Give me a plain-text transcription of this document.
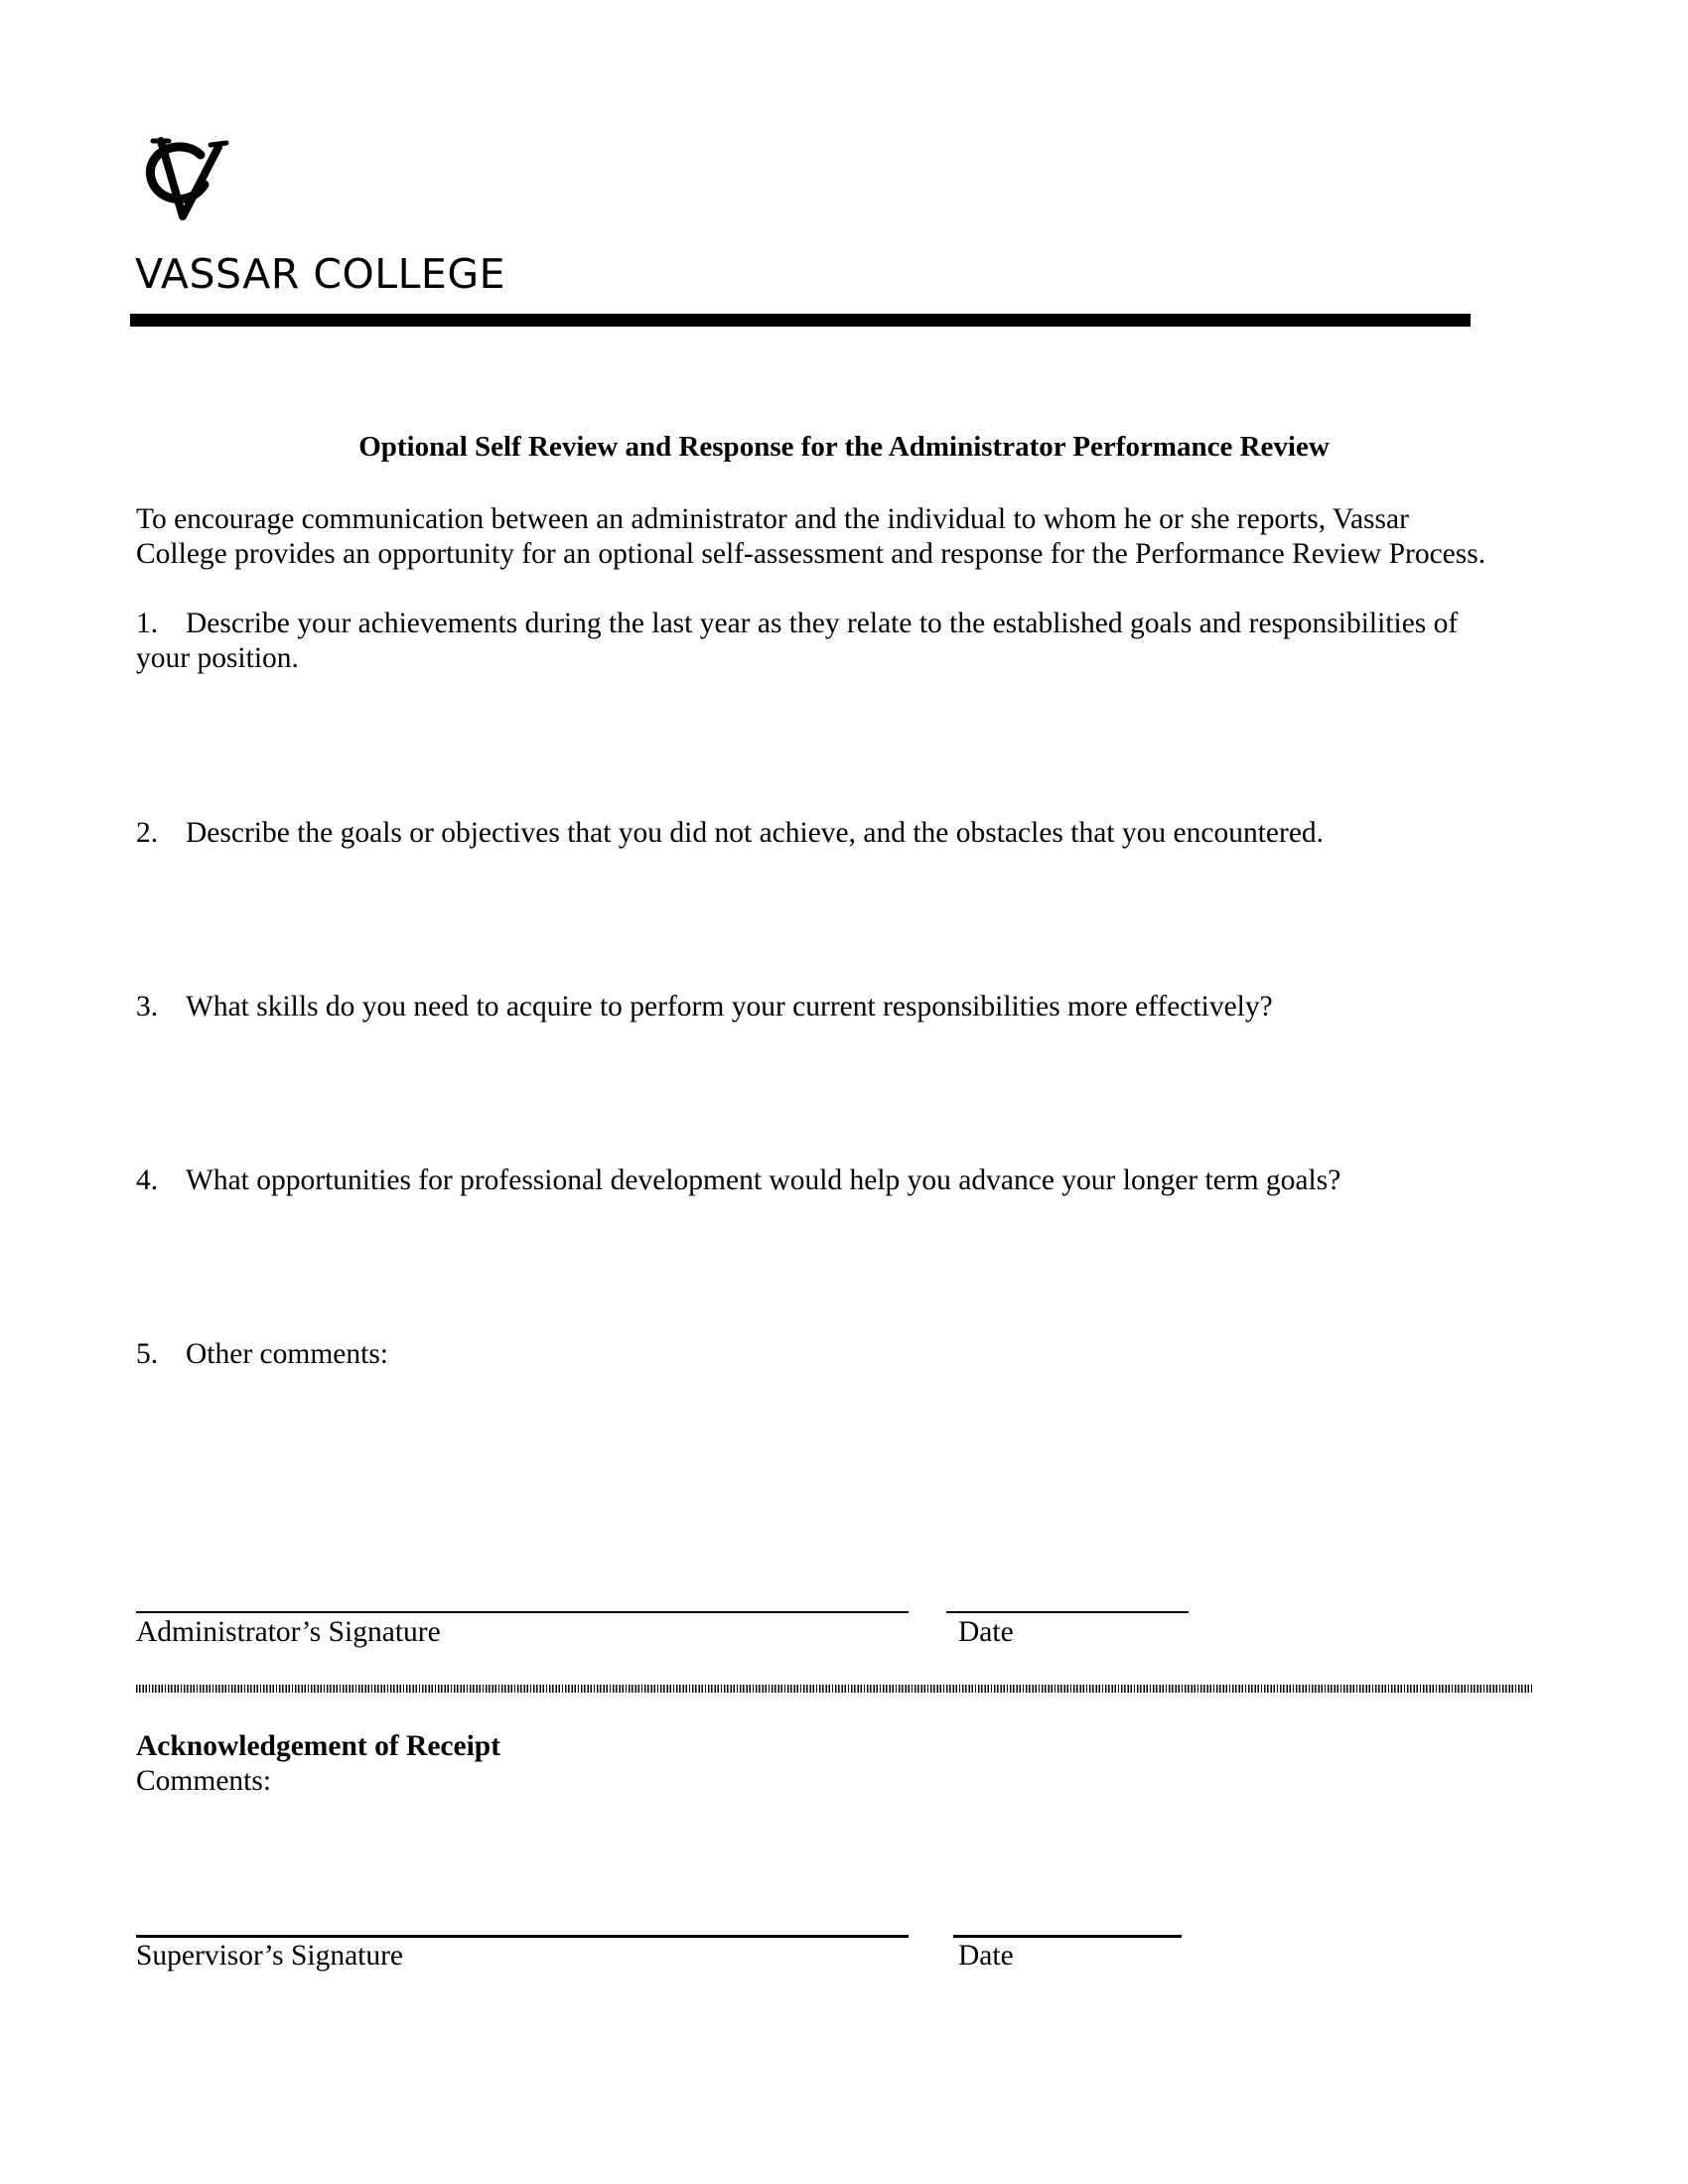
VASSAR COLLEGE
Optional Self Review and Response for the Administrator Performance Review

To encourage communication between an administrator and the individual to whom he or she reports, Vassar

College provides an opportunity for an optional self-assessment and response for the Performance Review Process.

1. Describe your achievements during the last year as they relate to the established goals and responsibilities of
your position.
2. Describe the goals or objectives that you did not achieve, and the obstacles that you encountered.
3. What skills do you need to acquire to perform your current responsibilities more effectively?
4. What opportunities for professional development would help you advance your longer term goals?
5. Other comments:
Administrator’s Signature	Date
Acknowledgement of Receipt
Comments:
Supervisor’s Signature	Date
